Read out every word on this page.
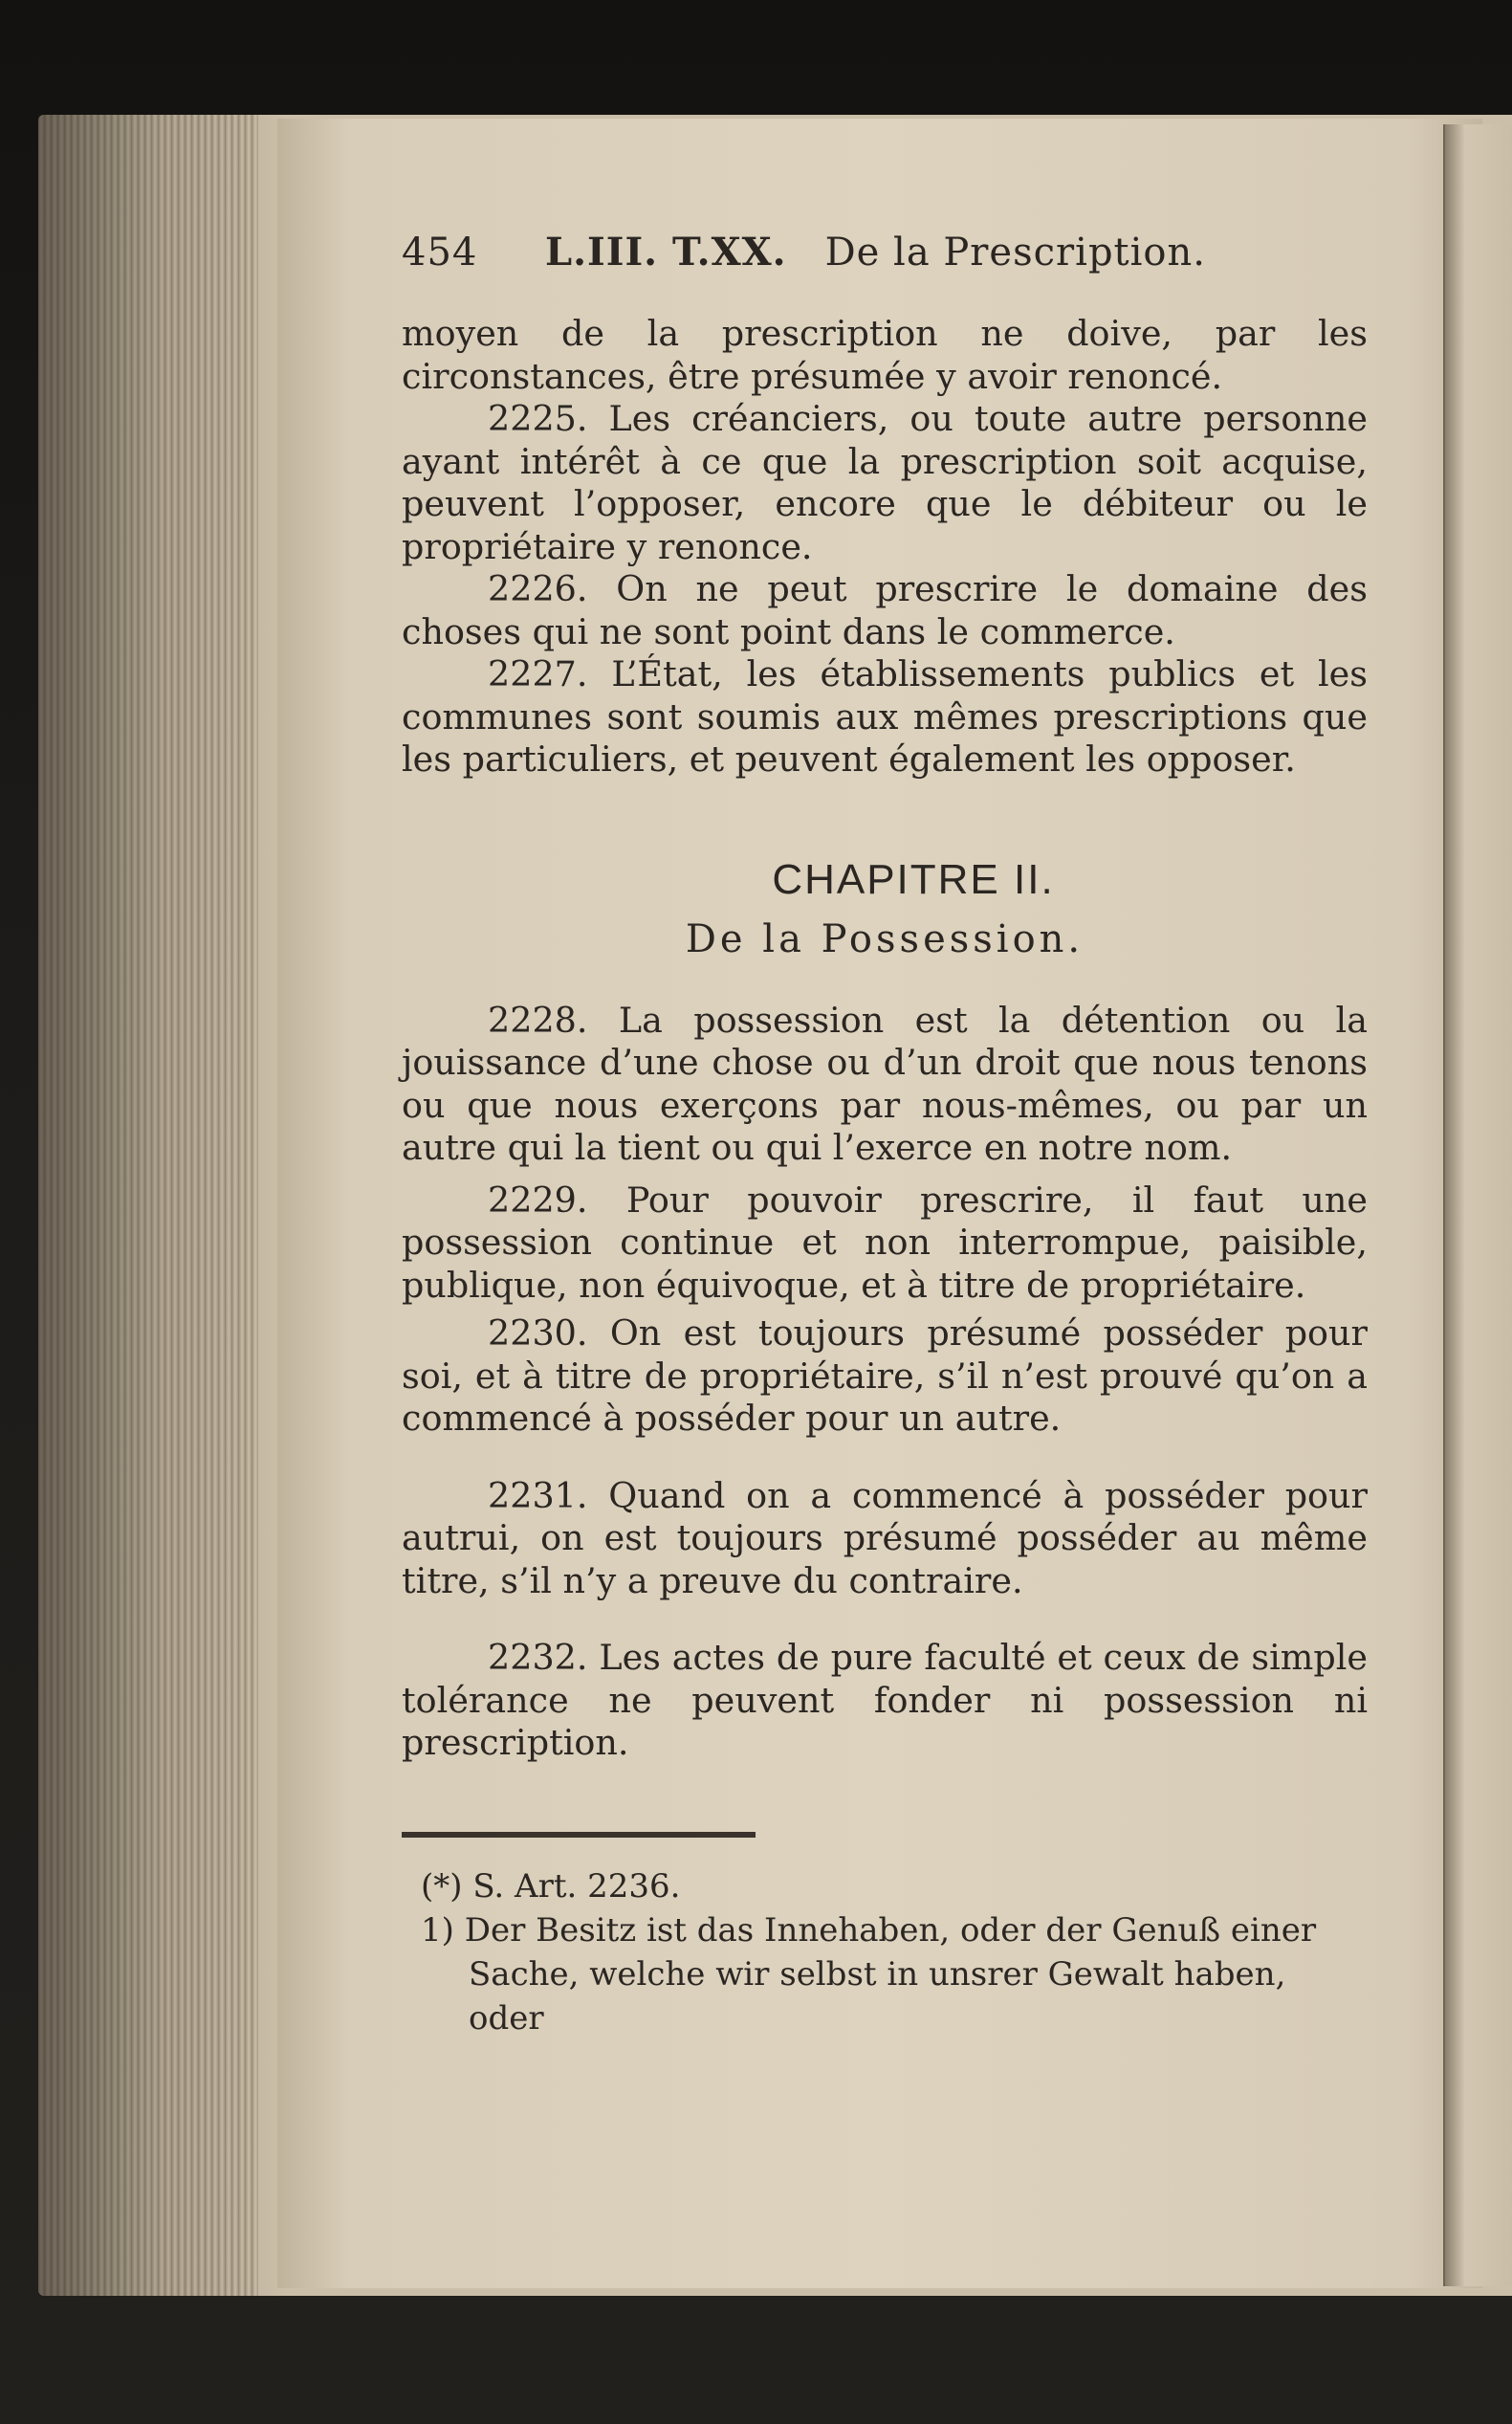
454	L.III. T.XX. De la Prescription.

moyen de la prescription ne doive, par les circonstances, être présumée y avoir renoncé.

2225. Les créanciers, ou toute autre personne ayant intérêt à ce que la prescription soit acquise, peuvent l’opposer, encore que le débiteur ou le propriétaire y renonce.

2226. On ne peut prescrire le domaine des choses qui ne sont point dans le commerce.

2227. L’État, les établissements publics et les communes sont soumis aux mêmes prescriptions que les particuliers, et peuvent également les opposer.

CHAPITRE II.
De la Possession.

2228. La possession est la détention ou la jouissance d’une chose ou d’un droit que nous tenons ou que nous exerçons par nous-mêmes, ou par un autre qui la tient ou qui l’exerce en notre nom.

2229. Pour pouvoir prescrire, il faut une possession continue et non interrompue, paisible, publique, non équivoque, et à titre de propriétaire.

2230. On est toujours présumé posséder pour soi, et à titre de propriétaire, s’il n’est prouvé qu’on a commencé à posséder pour un autre.

2231. Quand on a commencé à posséder pour autrui, on est toujours présumé posséder au même titre, s’il n’y a preuve du contraire.

2232. Les actes de pure faculté et ceux de simple tolérance ne peuvent fonder ni possession ni prescription.

(*) S. Art. 2236.

1) Der Besitz ist das Innehaben, oder der Genuß einer

Sache, welche wir selbst in unsrer Gewalt haben, oder
